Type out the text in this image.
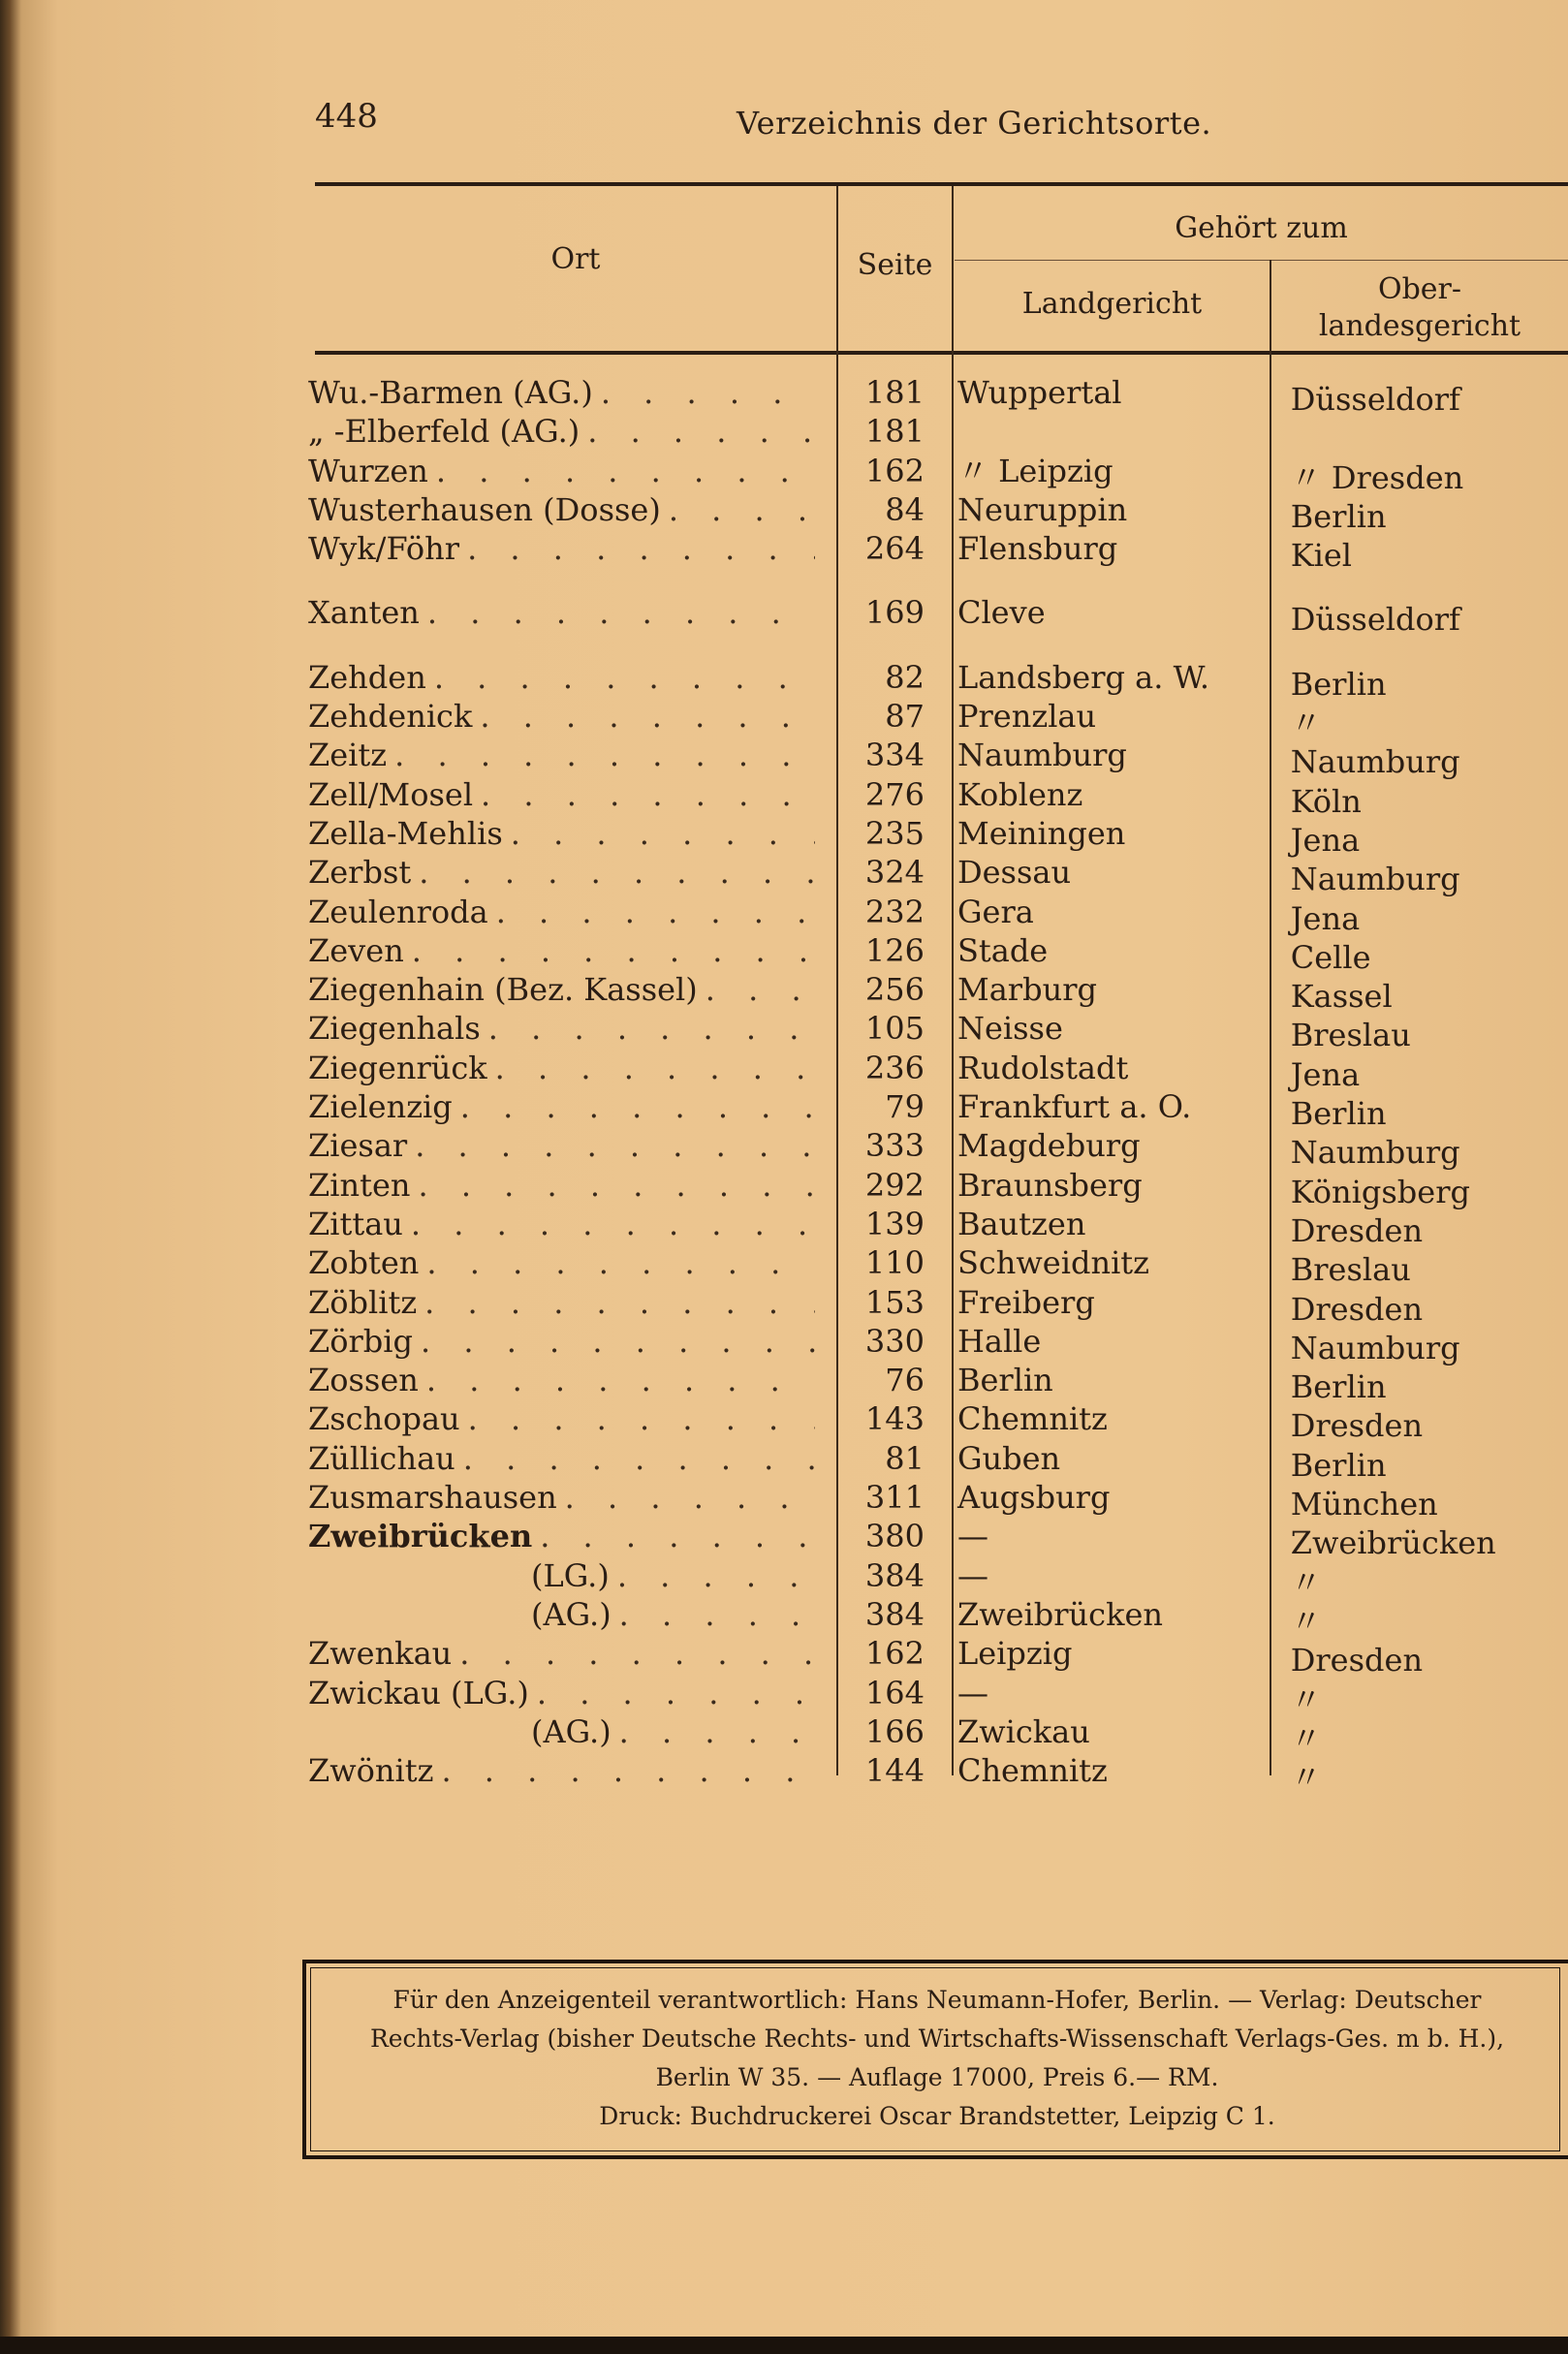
448	Verzeichnis der Gerichtsorte.
Ort	Seite
Gehört zum
Landgericht	Ober-
landesgericht
Wu.-Barmen (AG.) . . .	181	Wuppertal	Düsseldorf
„ -Elberfeld (AG.) . . .	181
Wurzen . . .	162	〃 Leipzig	〃 Dresden
Wusterhausen (Dosse) . . .	84	Neuruppin	Berlin
Wyk/Föhr . . .	264	Flensburg	Kiel
Xanten . . .	169	Cleve	Düsseldorf
Zehden . . .	82	Landsberg a. W.	Berlin
Zehdenick . . .	87	Prenzlau	〃
Zeitz . . .	334	Naumburg	Naumburg
Zell/Mosel . . .	276	Koblenz	Köln
Zella-Mehlis . . .	235	Meiningen	Jena
Zerbst . . .	324	Dessau	Naumburg
Zeulenroda . . .	232	Gera	Jena
Zeven . . .	126	Stade	Celle
Ziegenhain (Bez. Kassel) . . .	256	Marburg	Kassel
Ziegenhals . . .	105	Neisse	Breslau
Ziegenrück . . .	236	Rudolstadt	Jena
Zielenzig . . .	79	Frankfurt a. O.	Berlin
Ziesar . . .	333	Magdeburg	Naumburg
Zinten . . .	292	Braunsberg	Königsberg
Zittau . . .	139	Bautzen	Dresden
Zobten . . .	110	Schweidnitz	Breslau
Zöblitz . . .	153	Freiberg	Dresden
Zörbig . . .	330	Halle	Naumburg
Zossen . . .	76	Berlin	Berlin
Zschopau . . .	143	Chemnitz	Dresden
Züllichau . . .	81	Guben	Berlin
Zusmarshausen . . .	311	Augsburg	München
Zweibrücken . . .	380	—	Zweibrücken
(LG.) . . .	384	—	〃
(AG.) . . .	384	Zweibrücken	〃
Zwenkau . . .	162	Leipzig	Dresden
Zwickau (LG.) . . .	164	—	〃
(AG.) . . .	166	Zwickau	〃
Zwönitz . . .	144	Chemnitz	〃
Für den Anzeigenteil verantwortlich: Hans Neumann-Hofer, Berlin. — Verlag: Deutscher
Rechts-Verlag (bisher Deutsche Rechts- und Wirtschafts-Wissenschaft Verlags-Ges. m b. H.),
Berlin W 35. — Auflage 17000, Preis 6.— RM.
Druck: Buchdruckerei Oscar Brandstetter, Leipzig C 1.
